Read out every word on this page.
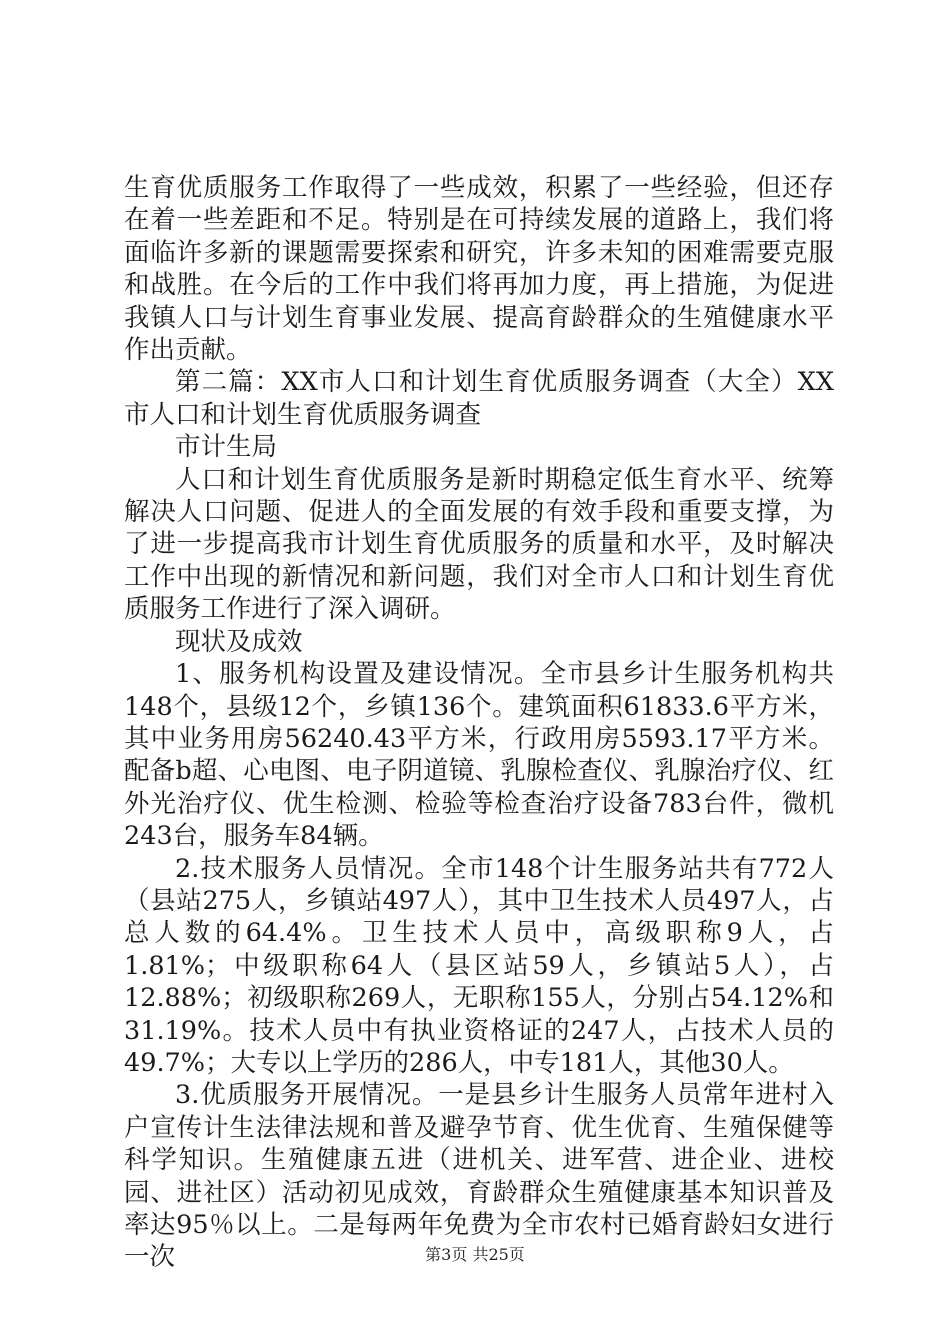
生育优质服务工作取得了一些成效，积累了一些经验，但还存在着一些差距和不足。特别是在可持续发展的道路上，我们将面临许多新的课题需要探索和研究，许多未知的困难需要克服和战胜。在今后的工作中我们将再加力度，再上措施，为促进我镇人口与计划生育事业发展、提高育龄群众的生殖健康水平作出贡献。

第二篇：XX市人口和计划生育优质服务调查（大全）XX市人口和计划生育优质服务调查

市计生局

人口和计划生育优质服务是新时期稳定低生育水平、统筹解决人口问题、促进人的全面发展的有效手段和重要支撑，为了进一步提高我市计划生育优质服务的质量和水平，及时解决工作中出现的新情况和新问题，我们对全市人口和计划生育优质服务工作进行了深入调研。

现状及成效

1、服务机构设置及建设情况。全市县乡计生服务机构共148个，县级12个，乡镇136个。建筑面积61833.6平方米，其中业务用房56240.43平方米，行政用房5593.17平方米。配备b超、心电图、电子阴道镜、乳腺检查仪、乳腺治疗仪、红外光治疗仪、优生检测、检验等检查治疗设备783台件，微机243台，服务车84辆。

2.技术服务人员情况。全市148个计生服务站共有772人（县站275人，乡镇站497人），其中卫生技术人员497人，占总人数的64.4%。卫生技术人员中，高级职称9人，占1.81%；中级职称64人（县区站59人，乡镇站5人），占12.88%；初级职称269人，无职称155人，分别占54.12%和31.19%。技术人员中有执业资格证的247人，占技术人员的49.7%；大专以上学历的286人，中专181人，其他30人。

3.优质服务开展情况。一是县乡计生服务人员常年进村入户宣传计生法律法规和普及避孕节育、优生优育、生殖保健等科学知识。生殖健康五进（进机关、进军营、进企业、进校园、进社区）活动初见成效，育龄群众生殖健康基本知识普及率达95％以上。二是每两年免费为全市农村已婚育龄妇女进行一次	第3页 共25页
